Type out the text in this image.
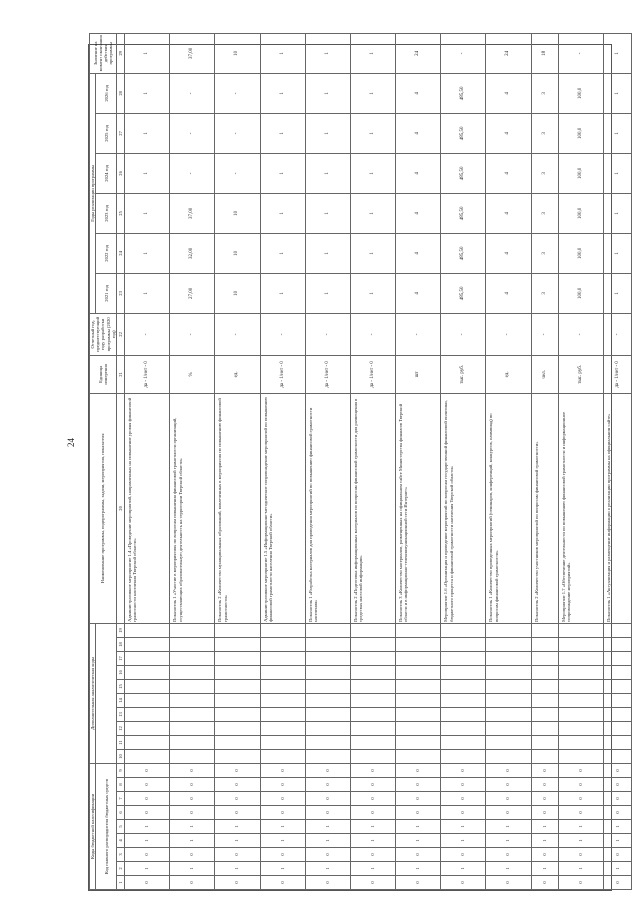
24
Коды бюджетной классификации									Дополнительная аналитическая коды										Наименование программы, подпрограммы, задачи, мероприятия, показателя	Единица измерения	Отчетный год, предшествующий году разработки программы (2020 год)	Годы реализации программы						Значение на момент окончания действия программы
Код главного распорядителя бюджетных средств																						2021 год	2022 год	2023 год	2024 год	2025 год	2026 год	

1	2	3	4	5	6	7	8	9	10	11	12	13	14	15	16	17	18	19	20	21	22	23	24	25	26	27	28	29
0	1	0	1	1	0	0	0	0											Административное мероприятие 1.4 «Проведение мероприятий, направленных на повышение уровня финансовой грамотности населения Тверской области»	да - 1/нет - 0	-	1	1	1	1	1	1	1
0	1	0	1	1	0	0	0	0											Показатель 1 «Участие в мероприятиях по вопросам повышения финансовой грамотности организаций, осуществляющих образовательную деятельность на территории Тверской области»	%	-	27,00	32,00	37,00	-	-	-	37,00
0	1	0	1	1	0	0	0	0											Показатель 2 «Количество муниципальных образований, вовлеченных в мероприятия по повышению финансовой грамотности»	ед.	-	10	10	10	-	-	-	10
0	1	0	1	1	0	0	0	0											Административное мероприятие 1.5 «Информационно-методическое сопровождение мероприятий по повышению финансовой грамотности населения Тверской области»	да - 1/нет - 0	-	1	1	1	1	1	1	1
0	1	0	1	1	0	0	0	0											Показатель 1 «Разработка материалов для проведения мероприятий по повышению финансовой грамотности населения»	да - 1/нет - 0	-	1	1	1	1	1	1	1
0	1	0	1	1	0	0	0	0											Показатель 2 «Подготовка информационных материалов по вопросам финансовой грамотности для размещения в средствах массовой информации»	да - 1/нет - 0	-	1	1	1	1	1	1	1
0	1	0	1	1	0	0	0	0											Показатель 3 «Количество материалов, размещенных на официальном сайте Министерства финансов Тверской области и в информационно-телекоммуникационной сети Интернет»	шт	-	4	4	4	4	4	4	24
0	1	0	1	1	0	0	0	0											Мероприятие 1.6 «Организация и проведение мероприятий по вопросам государственной финансовой политики, бюджетного процесса и финансовой грамотности населения Тверской области»	тыс. руб.	-	485,50	485,50	485,50	485,50	485,50	485,50	-
0	1	0	1	1	0	0	0	0											Показатель 1 «Количество проведенных мероприятий (семинаров, конференций, конкурсов, олимпиад) по вопросам финансовой грамотности»	ед.	-	4	4	4	4	4	4	24
0	1	0	1	1	0	0	0	0											Показатель 2 «Количество участников мероприятий по вопросам финансовой грамотности»	чел.	-	3	3	3	3	3	3	18
0	1	0	1	1	0	0	0	0											Мероприятие 1.7 «Обеспечение деятельности по повышению финансовой грамотности и информационное сопровождение мероприятий»	тыс. руб.	-	100,0	100,0	100,0	100,0	100,0	100,0	-
0	1	0	1	1	0	0	0	0											Показатель 1 «Актуализация и размещение информации о реализации программы на официальном сайте»	да - 1/нет - 0	-	1	1	1	1	1	1	1
